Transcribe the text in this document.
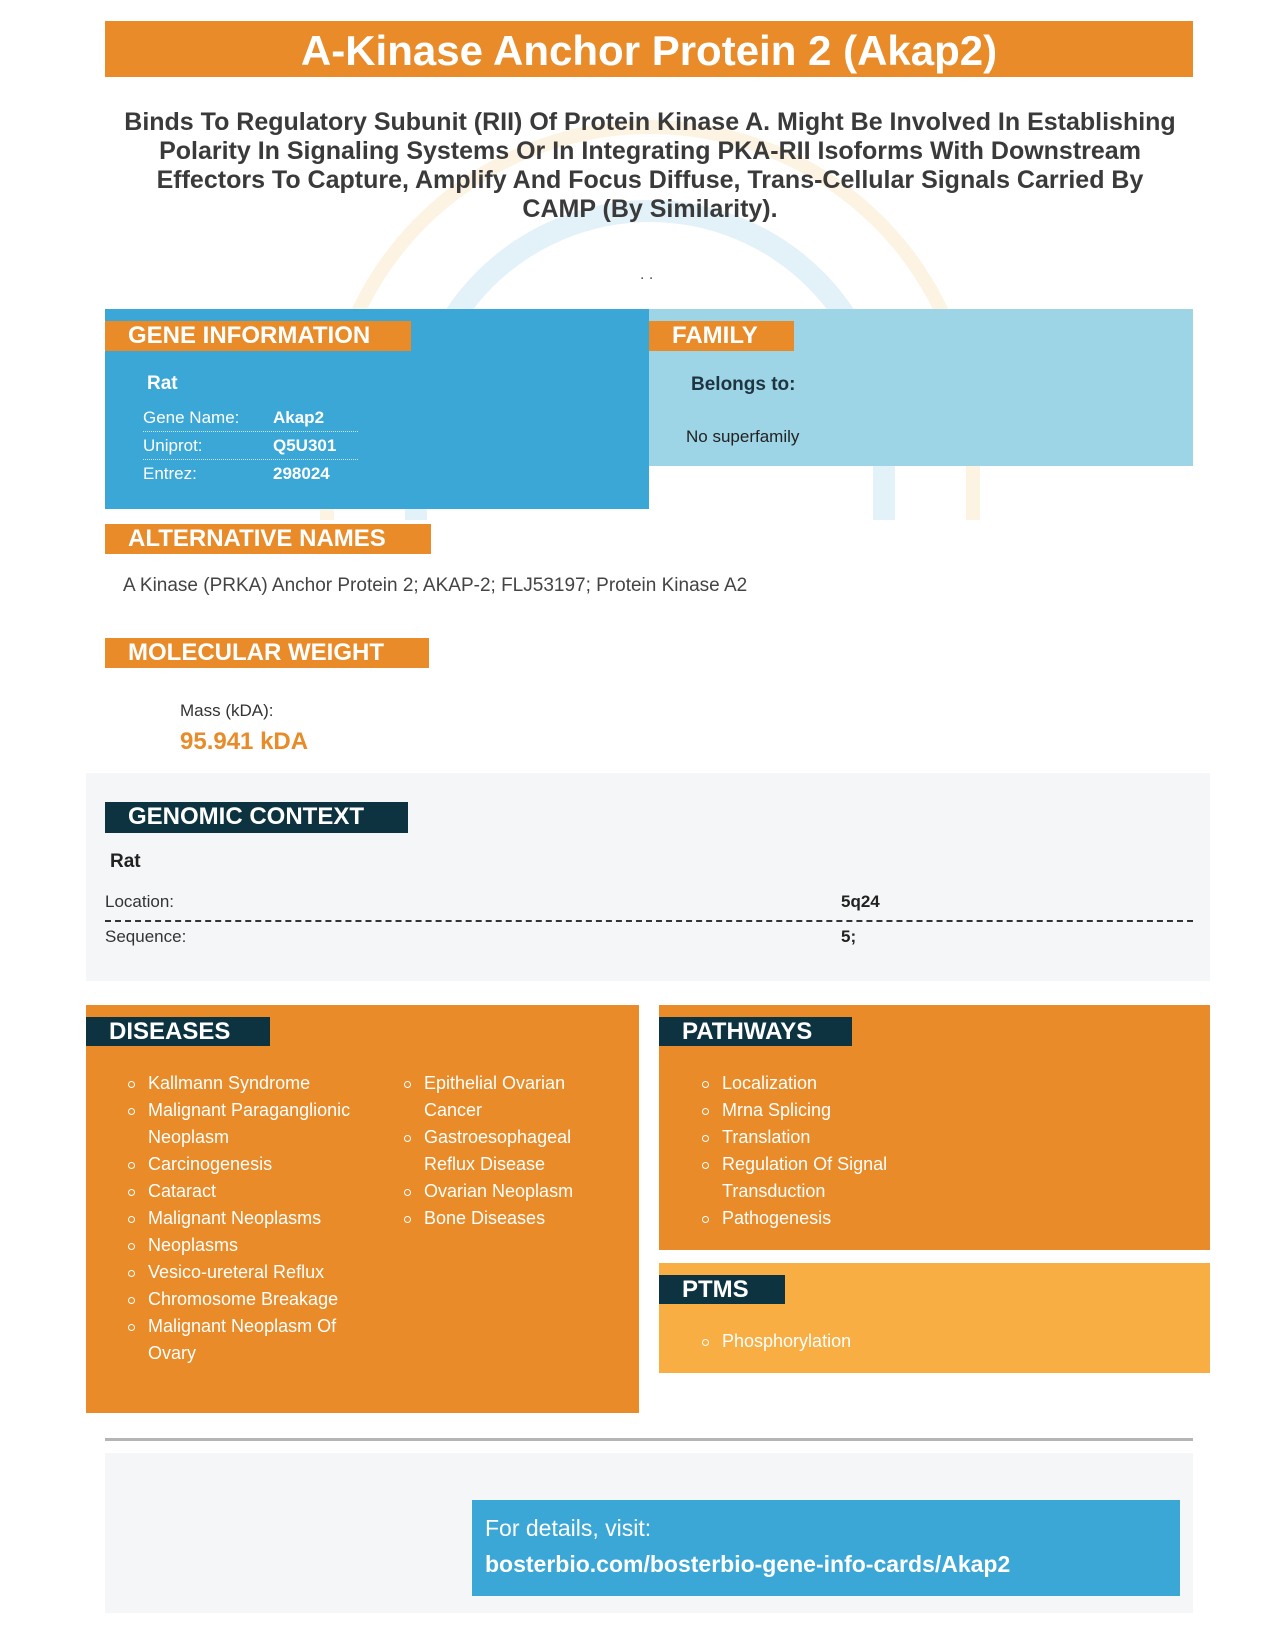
A-Kinase Anchor Protein 2 (Akap2)
Binds To Regulatory Subunit (RII) Of Protein Kinase A. Might Be Involved In Establishing Polarity In Signaling Systems Or In Integrating PKA-RII Isoforms With Downstream Effectors To Capture, Amplify And Focus Diffuse, Trans-Cellular Signals Carried By CAMP (By Similarity).
. .
GENE INFORMATION
Rat
Gene Name:	Akap2
Uniprot:	Q5U301
Entrez:	298024
FAMILY
Belongs to:
No superfamily
ALTERNATIVE NAMES
A Kinase (PRKA) Anchor Protein 2; AKAP-2; FLJ53197; Protein Kinase A2
MOLECULAR WEIGHT
Mass (kDA):
95.941 kDA
GENOMIC CONTEXT
Rat
Location:	5q24
Sequence:	5;
DISEASES
Kallmann Syndrome
Malignant Paraganglionic Neoplasm
Carcinogenesis
Cataract
Malignant Neoplasms
Neoplasms
Vesico-ureteral Reflux
Chromosome Breakage
Malignant Neoplasm Of Ovary
Epithelial Ovarian Cancer
Gastroesophageal Reflux Disease
Ovarian Neoplasm
Bone Diseases
PATHWAYS
Localization
Mrna Splicing
Translation
Regulation Of Signal Transduction
Pathogenesis
PTMS
Phosphorylation
For details, visit:
bosterbio.com/bosterbio-gene-info-cards/Akap2
